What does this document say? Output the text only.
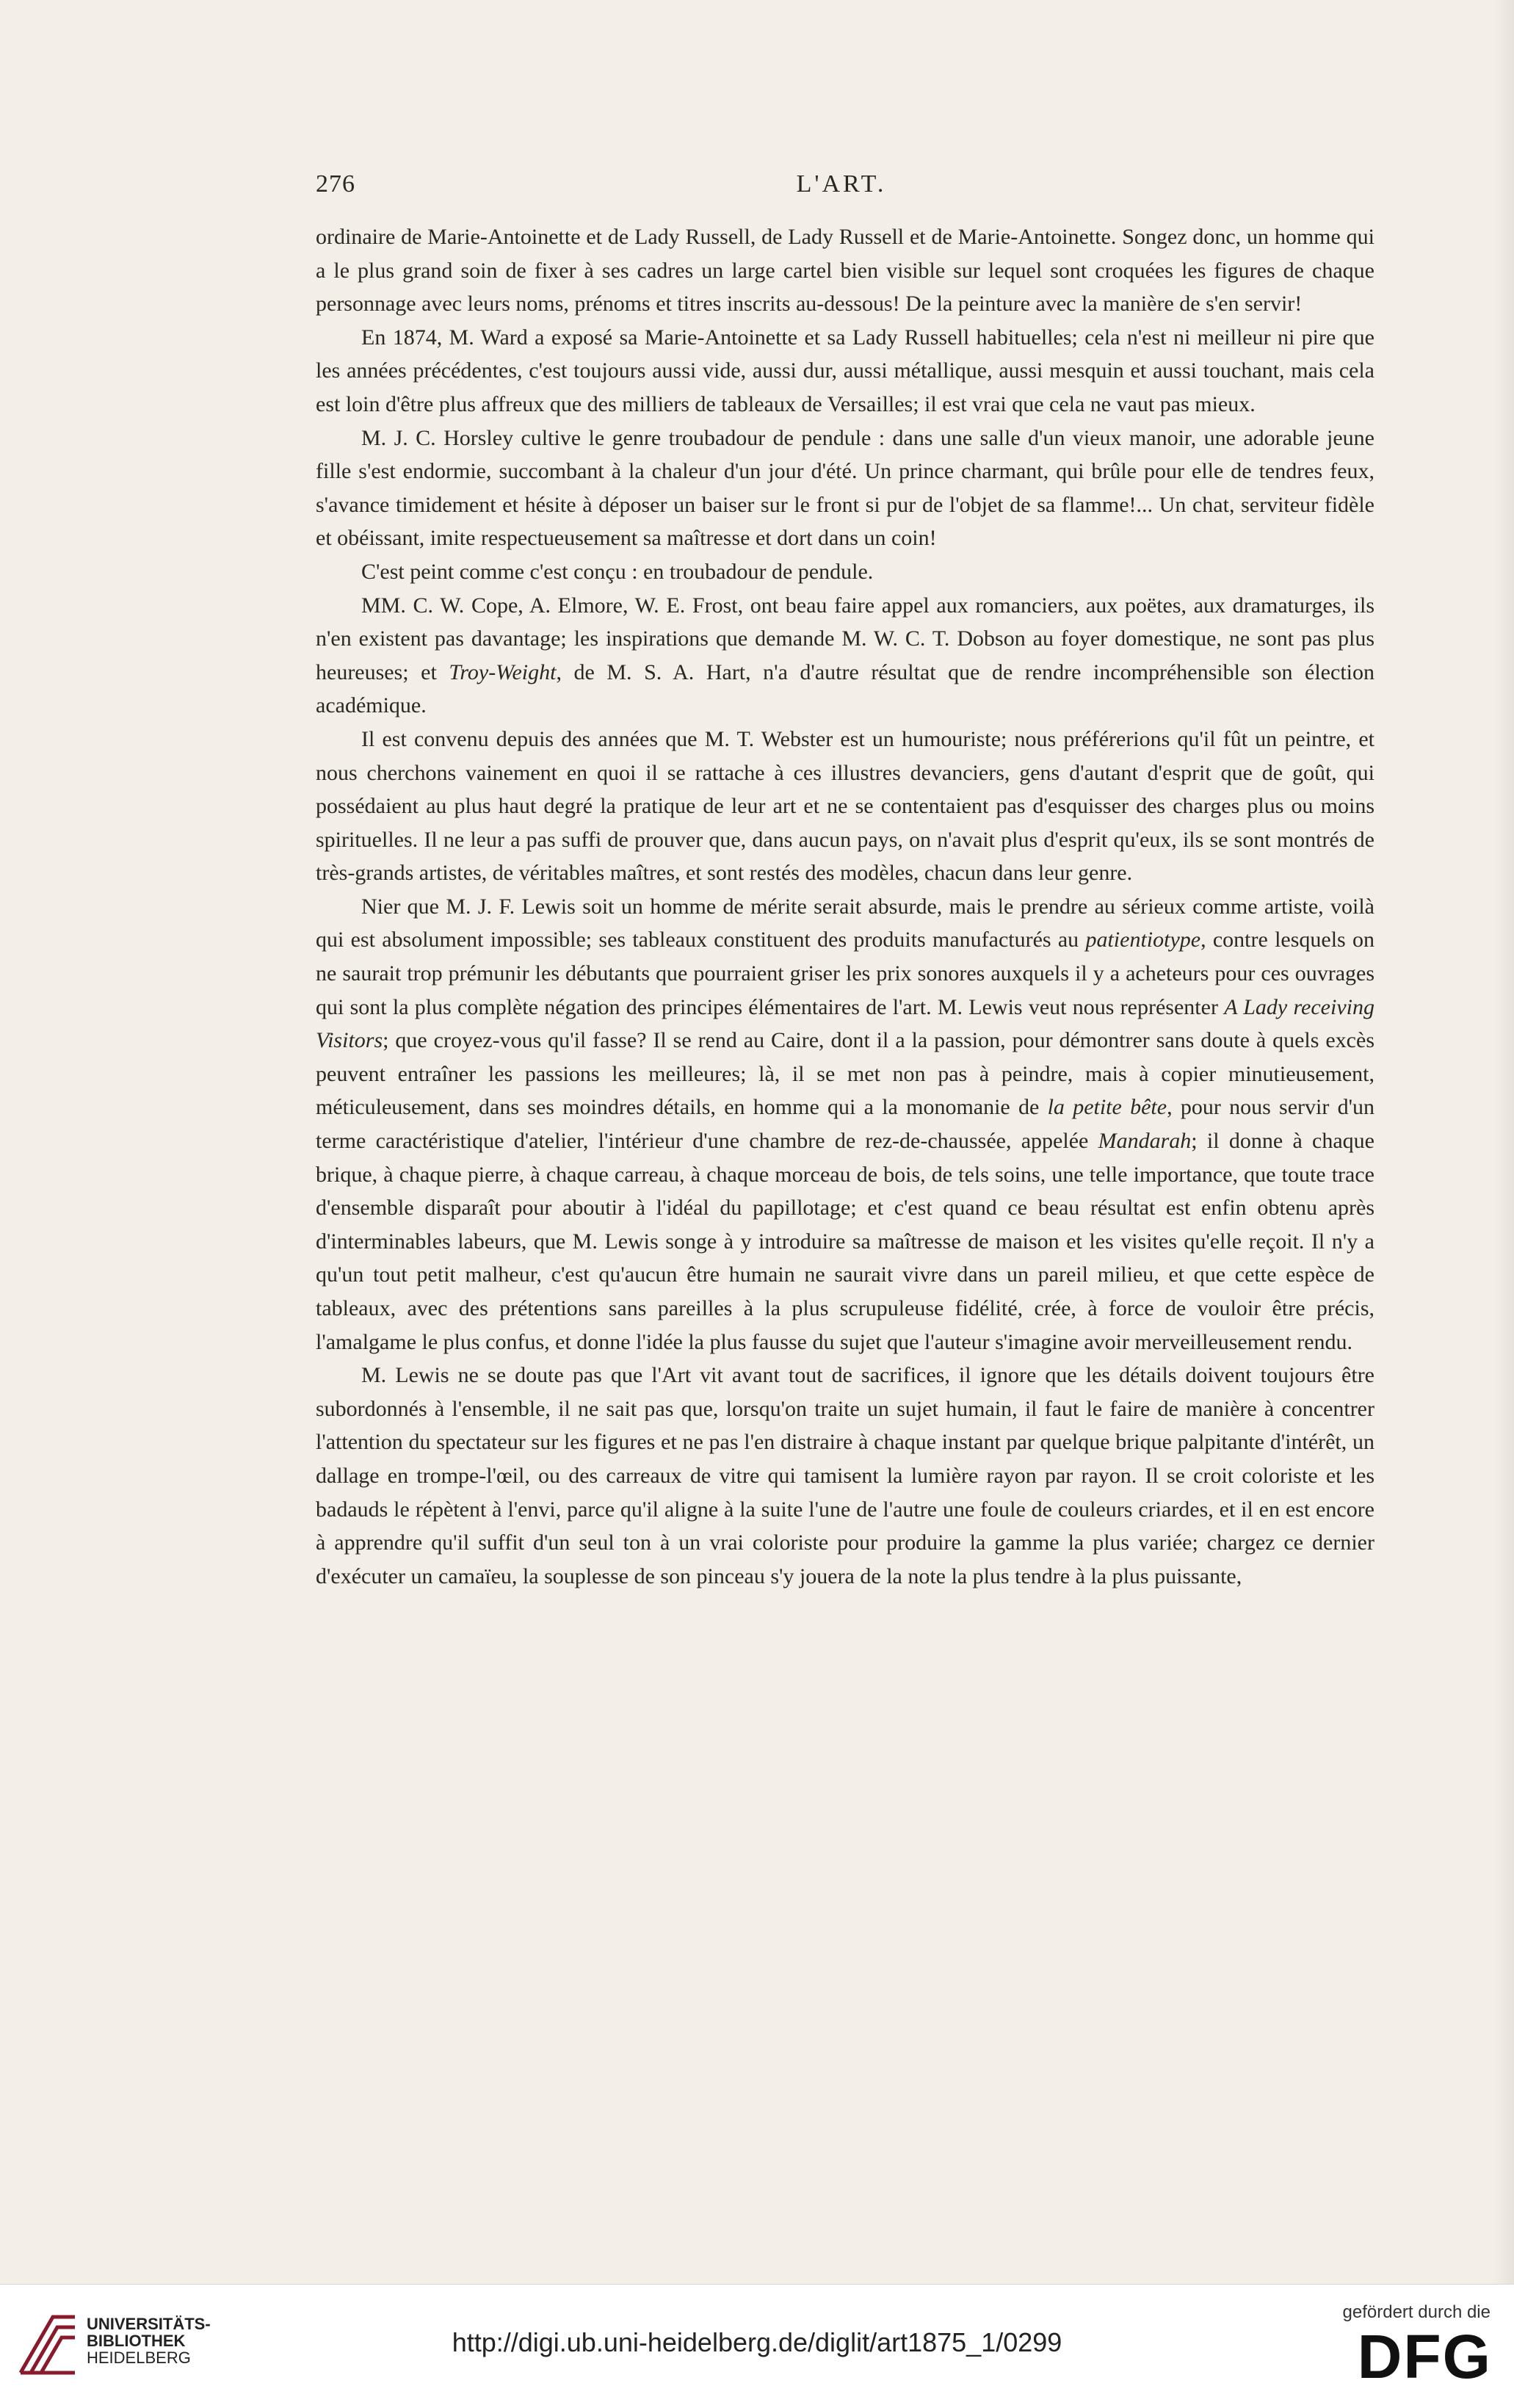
276	L'ART.

ordinaire de Marie-Antoinette et de Lady Russell, de Lady Russell et de Marie-Antoinette. Songez donc, un homme qui a le plus grand soin de fixer à ses cadres un large cartel bien visible sur lequel sont croquées les figures de chaque personnage avec leurs noms, prénoms et titres inscrits au-dessous! De la peinture avec la manière de s'en servir!

En 1874, M. Ward a exposé sa Marie-Antoinette et sa Lady Russell habituelles; cela n'est ni meilleur ni pire que les années précédentes, c'est toujours aussi vide, aussi dur, aussi métallique, aussi mesquin et aussi touchant, mais cela est loin d'être plus affreux que des milliers de tableaux de Versailles; il est vrai que cela ne vaut pas mieux.

M. J. C. Horsley cultive le genre troubadour de pendule : dans une salle d'un vieux manoir, une adorable jeune fille s'est endormie, succombant à la chaleur d'un jour d'été. Un prince charmant, qui brûle pour elle de tendres feux, s'avance timidement et hésite à déposer un baiser sur le front si pur de l'objet de sa flamme!... Un chat, serviteur fidèle et obéissant, imite respectueusement sa maîtresse et dort dans un coin!

C'est peint comme c'est conçu : en troubadour de pendule.

MM. C. W. Cope, A. Elmore, W. E. Frost, ont beau faire appel aux romanciers, aux poëtes, aux dramaturges, ils n'en existent pas davantage; les inspirations que demande M. W. C. T. Dobson au foyer domestique, ne sont pas plus heureuses; et Troy-Weight, de M. S. A. Hart, n'a d'autre résultat que de rendre incompréhensible son élection académique.

Il est convenu depuis des années que M. T. Webster est un humouriste; nous préférerions qu'il fût un peintre, et nous cherchons vainement en quoi il se rattache à ces illustres devanciers, gens d'autant d'esprit que de goût, qui possédaient au plus haut degré la pratique de leur art et ne se contentaient pas d'esquisser des charges plus ou moins spirituelles. Il ne leur a pas suffi de prouver que, dans aucun pays, on n'avait plus d'esprit qu'eux, ils se sont montrés de très-grands artistes, de véritables maîtres, et sont restés des modèles, chacun dans leur genre.

Nier que M. J. F. Lewis soit un homme de mérite serait absurde, mais le prendre au sérieux comme artiste, voilà qui est absolument impossible; ses tableaux constituent des produits manufacturés au patientiotype, contre lesquels on ne saurait trop prémunir les débutants que pourraient griser les prix sonores auxquels il y a acheteurs pour ces ouvrages qui sont la plus complète négation des principes élémentaires de l'art. M. Lewis veut nous représenter A Lady receiving Visitors; que croyez-vous qu'il fasse? Il se rend au Caire, dont il a la passion, pour démontrer sans doute à quels excès peuvent entraîner les passions les meilleures; là, il se met non pas à peindre, mais à copier minutieusement, méticuleusement, dans ses moindres détails, en homme qui a la monomanie de la petite bête, pour nous servir d'un terme caractéristique d'atelier, l'intérieur d'une chambre de rez-de-chaussée, appelée Mandarah; il donne à chaque brique, à chaque pierre, à chaque carreau, à chaque morceau de bois, de tels soins, une telle importance, que toute trace d'ensemble disparaît pour aboutir à l'idéal du papillotage; et c'est quand ce beau résultat est enfin obtenu après d'interminables labeurs, que M. Lewis songe à y introduire sa maîtresse de maison et les visites qu'elle reçoit. Il n'y a qu'un tout petit malheur, c'est qu'aucun être humain ne saurait vivre dans un pareil milieu, et que cette espèce de tableaux, avec des prétentions sans pareilles à la plus scrupuleuse fidélité, crée, à force de vouloir être précis, l'amalgame le plus confus, et donne l'idée la plus fausse du sujet que l'auteur s'imagine avoir merveilleusement rendu.

M. Lewis ne se doute pas que l'Art vit avant tout de sacrifices, il ignore que les détails doivent toujours être subordonnés à l'ensemble, il ne sait pas que, lorsqu'on traite un sujet humain, il faut le faire de manière à concentrer l'attention du spectateur sur les figures et ne pas l'en distraire à chaque instant par quelque brique palpitante d'intérêt, un dallage en trompe-l'œil, ou des carreaux de vitre qui tamisent la lumière rayon par rayon. Il se croit coloriste et les badauds le répètent à l'envi, parce qu'il aligne à la suite l'une de l'autre une foule de couleurs criardes, et il en est encore à apprendre qu'il suffit d'un seul ton à un vrai coloriste pour produire la gamme la plus variée; chargez ce dernier d'exécuter un camaïeu, la souplesse de son pinceau s'y jouera de la note la plus tendre à la plus puissante,

UNIVERSITÄTS-
BIBLIOTHEK
HEIDELBERG
http://digi.ub.uni-heidelberg.de/diglit/art1875_1/0299
gefördert durch die
DFG
